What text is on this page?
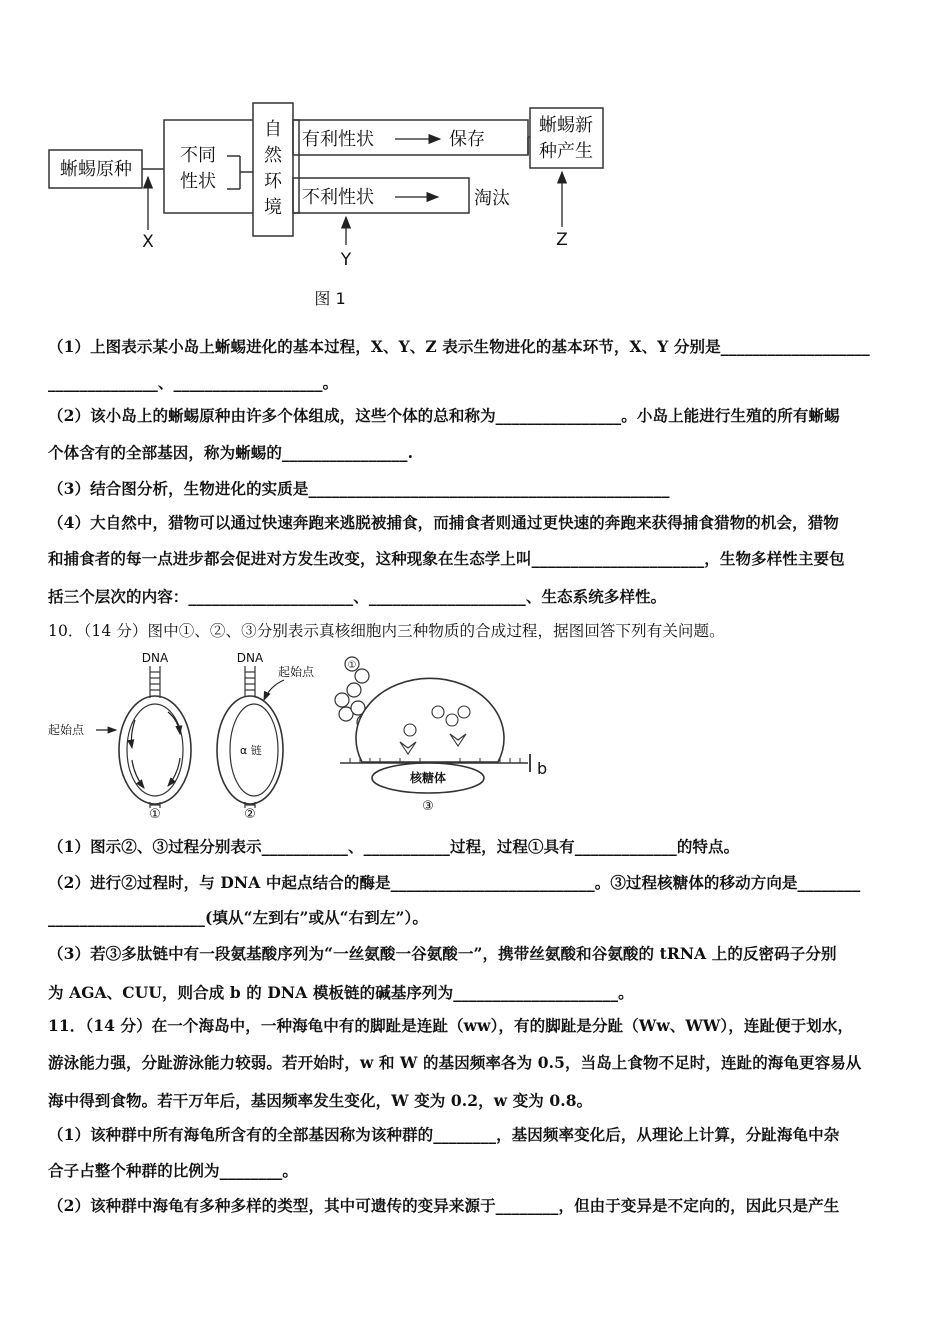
蜥蜴原种
不同
性状
自
然
环
境
有利性状	保存
不利性状	淘汰
蜥蜴新
种产生
X
Y
Z
图 1
（1）上图表示某小岛上蜥蜴进化的基本过程，X、Y、Z 表示生物进化的基本环节，X、Y 分别是___________________
______________、___________________。
（2）该小岛上的蜥蜴原种由许多个体组成，这些个体的总和称为________________。小岛上能进行生殖的所有蜥蜴
个体含有的全部基因，称为蜥蜴的________________.
（3）结合图分析，生物进化的实质是______________________________________________
（4）大自然中，猎物可以通过快速奔跑来逃脱被捕食，而捕食者则通过更快速的奔跑来获得捕食猎物的机会，猎物
和捕食者的每一点进步都会促进对方发生改变，这种现象在生态学上叫______________________，生物多样性主要包
括三个层次的内容：_____________________、____________________、生态系统多样性。
10．（14 分）图中①、②、③分别表示真核细胞内三种物质的合成过程，据图回答下列有关问题。
DNA
起始点
①
DNA
α 链
起始点
②
①
核糖体	b
③
（1）图示②、③过程分别表示___________、___________过程，过程①具有_____________的特点。
（2）进行②过程时，与 DNA 中起点结合的酶是__________________________。③过程核糖体的移动方向是________
____________________(填从“左到右”或从“右到左”）。
（3）若③多肽链中有一段氨基酸序列为“一丝氨酸一谷氨酸一”，携带丝氨酸和谷氨酸的 tRNA 上的反密码子分别
为 AGA、CUU，则合成 b 的 DNA 模板链的碱基序列为_____________________。
11．（14 分）在一个海岛中，一种海龟中有的脚趾是连趾（ww），有的脚趾是分趾（Ww、WW），连趾便于划水，
游泳能力强，分趾游泳能力较弱。若开始时，w 和 W 的基因频率各为 0.5，当岛上食物不足时，连趾的海龟更容易从
海中得到食物。若干万年后，基因频率发生变化，W 变为 0.2，w 变为 0.8。
（1）该种群中所有海龟所含有的全部基因称为该种群的________，基因频率变化后，从理论上计算，分趾海龟中杂
合子占整个种群的比例为________。
（2）该种群中海龟有多种多样的类型，其中可遗传的变异来源于________，但由于变异是不定向的，因此只是产生
